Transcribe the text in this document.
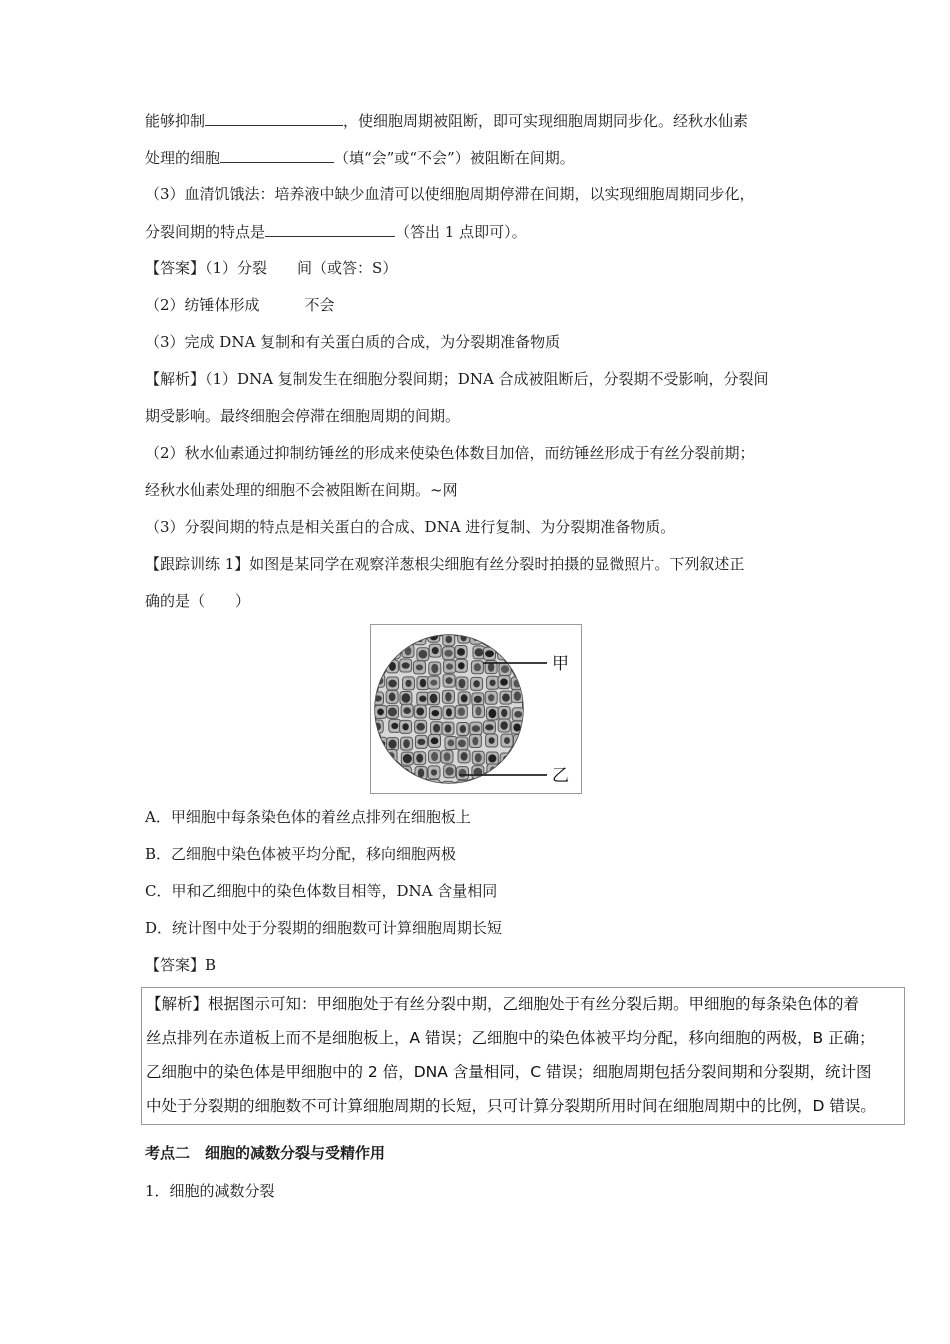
能够抑制	，使细胞周期被阻断，即可实现细胞周期同步化。经秋水仙素
处理的细胞	（填“会”或“不会”）被阻断在间期。
（3）血清饥饿法：培养液中缺少血清可以使细胞周期停滞在间期，以实现细胞周期同步化，
分裂间期的特点是	（答出 1 点即可）。
【答案】（1）分裂　　间（或答：S）
（2）纺锤体形成　　　不会
（3）完成 DNA 复制和有关蛋白质的合成，为分裂期准备物质
【解析】（1）DNA 复制发生在细胞分裂间期；DNA 合成被阻断后，分裂期不受影响，分裂间
期受影响。最终细胞会停滞在细胞周期的间期。
（2）秋水仙素通过抑制纺锤丝的形成来使染色体数目加倍，而纺锤丝形成于有丝分裂前期；
经秋水仙素处理的细胞不会被阻断在间期。~网
（3）分裂间期的特点是相关蛋白的合成、DNA 进行复制、为分裂期准备物质。
【跟踪训练 1】如图是某同学在观察洋葱根尖细胞有丝分裂时拍摄的显微照片。下列叙述正
确的是（　　）
甲
乙
A．甲细胞中每条染色体的着丝点排列在细胞板上
B．乙细胞中染色体被平均分配，移向细胞两极
C．甲和乙细胞中的染色体数目相等，DNA 含量相同
D．统计图中处于分裂期的细胞数可计算细胞周期长短
【答案】B
【解析】根据图示可知：甲细胞处于有丝分裂中期，乙细胞处于有丝分裂后期。甲细胞的每条染色体的着
丝点排列在赤道板上而不是细胞板上，A 错误；乙细胞中的染色体被平均分配，移向细胞的两极，B 正确；
乙细胞中的染色体是甲细胞中的 2 倍，DNA 含量相同，C 错误；细胞周期包括分裂间期和分裂期，统计图
中处于分裂期的细胞数不可计算细胞周期的长短，只可计算分裂期所用时间在细胞周期中的比例，D 错误。
考点二　细胞的减数分裂与受精作用
1．细胞的减数分裂
